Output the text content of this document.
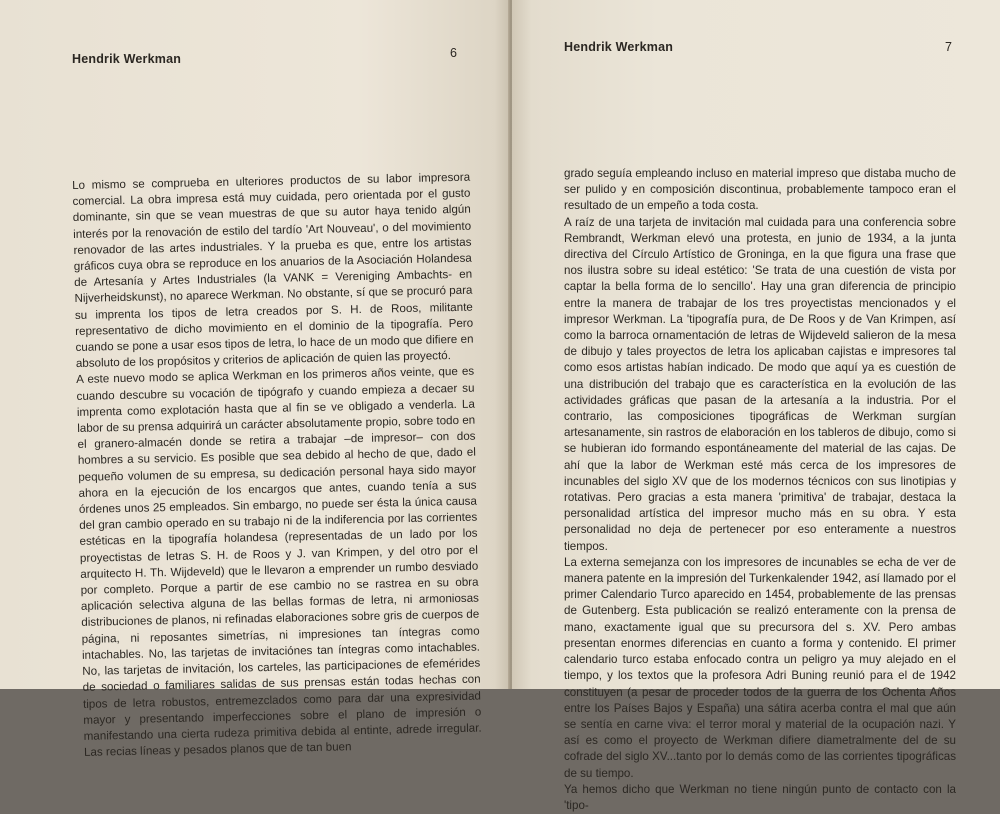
Hendrik Werkman	6

Lo mismo se comprueba en ulteriores productos de su labor impresora comercial. La obra impresa está muy cuidada, pero orientada por el gusto dominante, sin que se vean muestras de que su autor haya tenido algún interés por la renovación de estilo del tardío 'Art Nouveau', o del movimiento renovador de las artes industriales. Y la prueba es que, entre los artistas gráficos cuya obra se reproduce en los anuarios de la Asociación Holandesa de Artesanía y Artes Industriales (la VANK = Vereniging Ambachts- en Nijverheidskunst), no aparece Werkman. No obstante, sí que se procuró para su imprenta los tipos de letra creados por S. H. de Roos, militante representativo de dicho movimiento en el dominio de la tipografía. Pero cuando se pone a usar esos tipos de letra, lo hace de un modo que difiere en absoluto de los propósitos y criterios de aplicación de quien las proyectó.

A este nuevo modo se aplica Werkman en los primeros años veinte, que es cuando descubre su vocación de tipógrafo y cuando empieza a decaer su imprenta como explotación hasta que al fin se ve obligado a venderla. La labor de su prensa adquirirá un carácter absolutamente propio, sobre todo en el granero-almacén donde se retira a trabajar –de impresor– con dos hombres a su servicio. Es posible que sea debido al hecho de que, dado el pequeño volumen de su empresa, su dedicación personal haya sido mayor ahora en la ejecución de los encargos que antes, cuando tenía a sus órdenes unos 25 empleados. Sin embargo, no puede ser ésta la única causa del gran cambio operado en su trabajo ni de la indiferencia por las corrientes estéticas en la tipografía holandesa (representadas de un lado por los proyectistas de letras S. H. de Roos y J. van Krimpen, y del otro por el arquitecto H. Th. Wijdeveld) que le llevaron a emprender un rumbo desviado por completo. Porque a partir de ese cambio no se rastrea en su obra aplicación selectiva alguna de las bellas formas de letra, ni armoniosas distribuciones de planos, ni refinadas elaboraciones sobre gris de cuerpos de página, ni reposantes simetrías, ni impresiones tan íntegras como intachables. No, las tarjetas de invitaciónes tan íntegras como intachables. No, las tarjetas de invitación, los carteles, las participaciones de efemérides de sociedad o familiares salidas de sus prensas están todas hechas con tipos de letra robustos, entremezclados como para dar una expresividad mayor y presentando imperfecciones sobre el plano de impresión o manifestando una cierta rudeza primitiva debida al entinte, adrede irregular. Las recias líneas y pesados planos que de tan buen

Hendrik Werkman	7

grado seguía empleando incluso en material impreso que distaba mucho de ser pulido y en composición discontinua, probablemente tampoco eran el resultado de un empeño a toda costa.

A raíz de una tarjeta de invitación mal cuidada para una conferencia sobre Rembrandt, Werkman elevó una protesta, en junio de 1934, a la junta directiva del Círculo Artístico de Groninga, en la que figura una frase que nos ilustra sobre su ideal estético: 'Se trata de una cuestión de vista por captar la bella forma de lo sencillo'. Hay una gran diferencia de principio entre la manera de trabajar de los tres proyectistas mencionados y el impresor Werkman. La 'tipografía pura, de De Roos y de Van Krimpen, así como la barroca ornamentación de letras de Wijdeveld salieron de la mesa de dibujo y tales proyectos de letra los aplicaban cajistas e impresores tal como esos artistas habían indicado. De modo que aquí ya es cuestión de una distribución del trabajo que es característica en la evolución de las actividades gráficas que pasan de la artesanía a la industria. Por el contrario, las composiciones tipográficas de Werkman surgían artesanamente, sin rastros de elaboración en los tableros de dibujo, como si se hubieran ido formando espontáneamente del material de las cajas. De ahí que la labor de Werkman esté más cerca de los impresores de incunables del siglo XV que de los modernos técnicos con sus linotipias y rotativas. Pero gracias a esta manera 'primitiva' de trabajar, destaca la personalidad artística del impresor mucho más en su obra. Y esta personalidad no deja de pertenecer por eso enteramente a nuestros tiempos.

La externa semejanza con los impresores de incunables se echa de ver de manera patente en la impresión del Turkenkalender 1942, así llamado por el primer Calendario Turco aparecido en 1454, probablemente de las prensas de Gutenberg. Esta publicación se realizó enteramente con la prensa de mano, exactamente igual que su precursora del s. XV. Pero ambas presentan enormes diferencias en cuanto a forma y contenido. El primer calendario turco estaba enfocado contra un peligro ya muy alejado en el tiempo, y los textos que la profesora Adri Buning reunió para el de 1942 constituyen (a pesar de proceder todos de la guerra de los Ochenta Años entre los Países Bajos y España) una sátira acerba contra el mal que aún se sentía en carne viva: el terror moral y material de la ocupación nazi. Y así es como el proyecto de Werkman difiere diametralmente del de su cofrade del siglo XV...tanto por lo demás como de las corrientes tipográficas de su tiempo.

Ya hemos dicho que Werkman no tiene ningún punto de contacto con la 'tipo-
